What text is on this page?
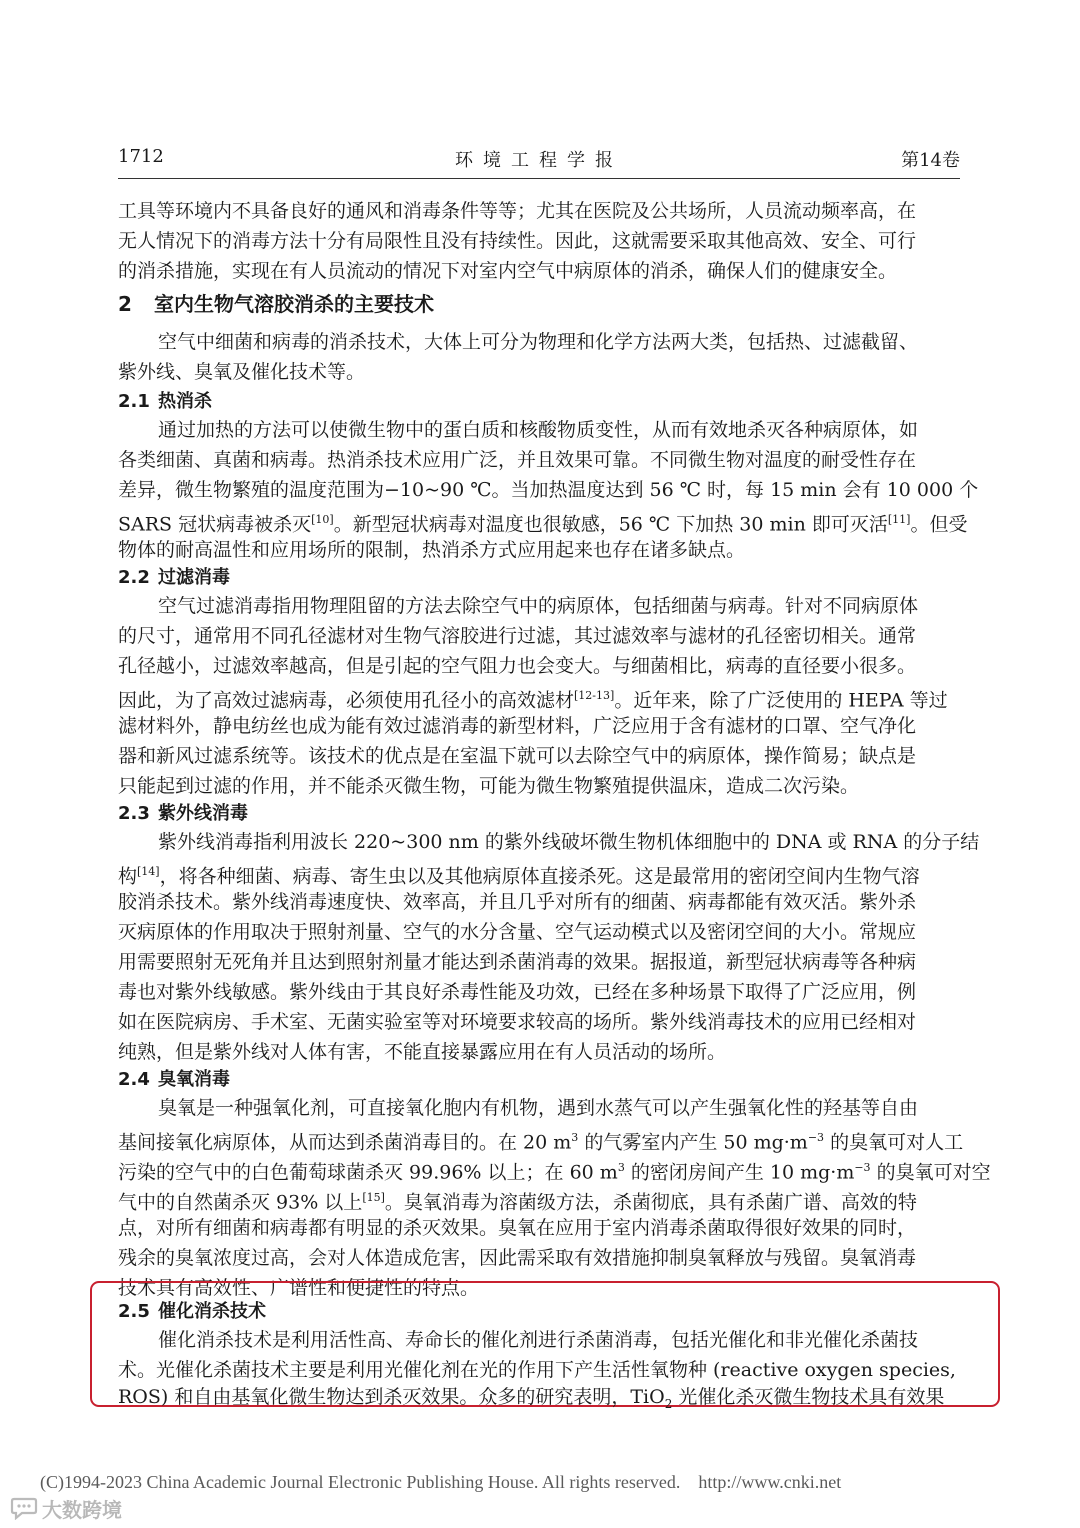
1712	环境工程学报	第14卷
工具等环境内不具备良好的通风和消毒条件等等；尤其在医院及公共场所，人员流动频率高，在
无人情况下的消毒方法十分有局限性且没有持续性。因此，这就需要采取其他高效、安全、可行
的消杀措施，实现在有人员流动的情况下对室内空气中病原体的消杀，确保人们的健康安全。
2 室内生物气溶胶消杀的主要技术
空气中细菌和病毒的消杀技术，大体上可分为物理和化学方法两大类，包括热、过滤截留、
紫外线、臭氧及催化技术等。
2.1 热消杀
通过加热的方法可以使微生物中的蛋白质和核酸物质变性，从而有效地杀灭各种病原体，如
各类细菌、真菌和病毒。热消杀技术应用广泛，并且效果可靠。不同微生物对温度的耐受性存在
差异，微生物繁殖的温度范围为−10~90 ℃。当加热温度达到 56 ℃ 时，每 15 min 会有 10 000 个
SARS 冠状病毒被杀灭[10]。新型冠状病毒对温度也很敏感，56 ℃ 下加热 30 min 即可灭活[11]。但受
物体的耐高温性和应用场所的限制，热消杀方式应用起来也存在诸多缺点。
2.2 过滤消毒
空气过滤消毒指用物理阻留的方法去除空气中的病原体，包括细菌与病毒。针对不同病原体
的尺寸，通常用不同孔径滤材对生物气溶胶进行过滤，其过滤效率与滤材的孔径密切相关。通常
孔径越小，过滤效率越高，但是引起的空气阻力也会变大。与细菌相比，病毒的直径要小很多。
因此，为了高效过滤病毒，必须使用孔径小的高效滤材[12-13]。近年来，除了广泛使用的 HEPA 等过
滤材料外，静电纺丝也成为能有效过滤消毒的新型材料，广泛应用于含有滤材的口罩、空气净化
器和新风过滤系统等。该技术的优点是在室温下就可以去除空气中的病原体，操作简易；缺点是
只能起到过滤的作用，并不能杀灭微生物，可能为微生物繁殖提供温床，造成二次污染。
2.3 紫外线消毒
紫外线消毒指利用波长 220~300 nm 的紫外线破坏微生物机体细胞中的 DNA 或 RNA 的分子结
构[14]，将各种细菌、病毒、寄生虫以及其他病原体直接杀死。这是最常用的密闭空间内生物气溶
胶消杀技术。紫外线消毒速度快、效率高，并且几乎对所有的细菌、病毒都能有效灭活。紫外杀
灭病原体的作用取决于照射剂量、空气的水分含量、空气运动模式以及密闭空间的大小。常规应
用需要照射无死角并且达到照射剂量才能达到杀菌消毒的效果。据报道，新型冠状病毒等各种病
毒也对紫外线敏感。紫外线由于其良好杀毒性能及功效，已经在多种场景下取得了广泛应用，例
如在医院病房、手术室、无菌实验室等对环境要求较高的场所。紫外线消毒技术的应用已经相对
纯熟，但是紫外线对人体有害，不能直接暴露应用在有人员活动的场所。
2.4 臭氧消毒
臭氧是一种强氧化剂，可直接氧化胞内有机物，遇到水蒸气可以产生强氧化性的羟基等自由
基间接氧化病原体，从而达到杀菌消毒目的。在 20 $m^3$ 的气雾室内产生 50 $mg\cdot m^{-3}$ 的臭氧可对人工
污染的空气中的白色葡萄球菌杀灭 99.96% 以上；在 60 $m^3$ 的密闭房间产生 10 $mg\cdot m^{-3}$ 的臭氧可对空
气中的自然菌杀灭 93% 以上[15]。臭氧消毒为溶菌级方法，杀菌彻底，具有杀菌广谱、高效的特
点，对所有细菌和病毒都有明显的杀灭效果。臭氧在应用于室内消毒杀菌取得很好效果的同时，
残余的臭氧浓度过高，会对人体造成危害，因此需采取有效措施抑制臭氧释放与残留。臭氧消毒
技术具有高效性、广谱性和便捷性的特点。
2.5 催化消杀技术
催化消杀技术是利用活性高、寿命长的催化剂进行杀菌消毒，包括光催化和非光催化杀菌技
术。光催化杀菌技术主要是利用光催化剂在光的作用下产生活性氧物种 (reactive oxygen species,
ROS) 和自由基氧化微生物达到杀灭效果。众多的研究表明，TiO$_2$ 光催化杀灭微生物技术具有效果
(C)1994-2023 China Academic Journal Electronic Publishing House. All rights reserved. http://www.cnki.net
大数跨境
